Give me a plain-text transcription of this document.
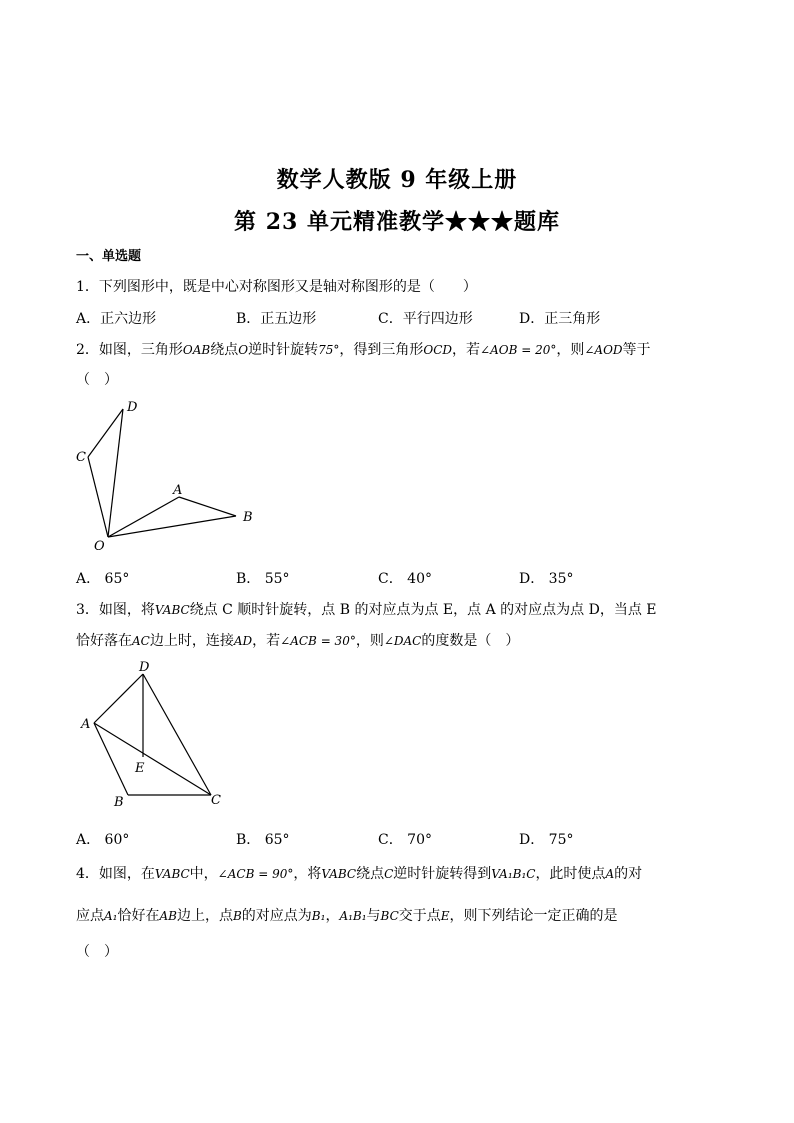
数学人教版 9 年级上册
第 23 单元精准教学★★★题库
一、单选题
1．下列图形中，既是中心对称图形又是轴对称图形的是（　　）
A．正六边形	B．正五边形	C．平行四边形	D．正三角形
2．如图，三角形OAB绕点O逆时针旋转75°，得到三角形OCD，若∠AOB = 20°，则∠AOD等于
（　）
D
C
A
B
O
A． 65°	B． 55°	C． 40°	D． 35°
3．如图，将VABC绕点 C 顺时针旋转，点 B 的对应点为点 E，点 A 的对应点为点 D，当点 E
恰好落在AC边上时，连接AD，若∠ACB = 30°，则∠DAC的度数是（　）
D
A
E
B	C
A． 60°	B． 65°	C． 70°	D． 75°
4．如图，在VABC中，∠ACB = 90°，将VABC绕点C逆时针旋转得到VA₁B₁C，此时使点A的对
应点A₁恰好在AB边上，点B的对应点为B₁，A₁B₁与BC交于点E，则下列结论一定正确的是
（　）
